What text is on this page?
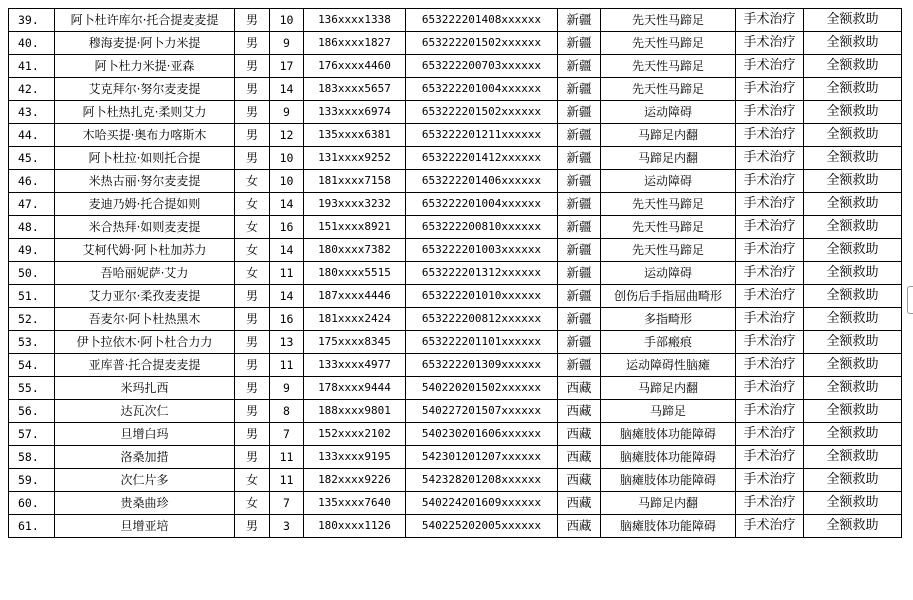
39.	阿卜杜许库尔·托合提麦麦提	男	10	136xxxx1338	653222201408xxxxxx	新疆	先天性马蹄足	手术治疗	全额救助
40.	穆海麦提·阿卜力米提	男	9	186xxxx1827	653222201502xxxxxx	新疆	先天性马蹄足	手术治疗	全额救助
41.	阿卜杜力米提·亚森	男	17	176xxxx4460	653222200703xxxxxx	新疆	先天性马蹄足	手术治疗	全额救助
42.	艾克拜尔·努尔麦麦提	男	14	183xxxx5657	653222201004xxxxxx	新疆	先天性马蹄足	手术治疗	全额救助
43.	阿卜杜热扎克·柔则艾力	男	9	133xxxx6974	653222201502xxxxxx	新疆	运动障碍	手术治疗	全额救助
44.	木哈买提·奥布力喀斯木	男	12	135xxxx6381	653222201211xxxxxx	新疆	马蹄足内翻	手术治疗	全额救助
45.	阿卜杜拉·如则托合提	男	10	131xxxx9252	653222201412xxxxxx	新疆	马蹄足内翻	手术治疗	全额救助
46.	米热古丽·努尔麦麦提	女	10	181xxxx7158	653222201406xxxxxx	新疆	运动障碍	手术治疗	全额救助
47.	麦迪乃姆·托合提如则	女	14	193xxxx3232	653222201004xxxxxx	新疆	先天性马蹄足	手术治疗	全额救助
48.	米合热拜·如则麦麦提	女	16	151xxxx8921	653222200810xxxxxx	新疆	先天性马蹄足	手术治疗	全额救助
49.	艾柯代姆·阿卜杜加苏力	女	14	180xxxx7382	653222201003xxxxxx	新疆	先天性马蹄足	手术治疗	全额救助
50.	吾哈丽妮萨·艾力	女	11	180xxxx5515	653222201312xxxxxx	新疆	运动障碍	手术治疗	全额救助
51.	艾力亚尔·柔孜麦麦提	男	14	187xxxx4446	653222201010xxxxxx	新疆	创伤后手指屈曲畸形	手术治疗	全额救助
52.	吾麦尔·阿卜杜热黑木	男	16	181xxxx2424	653222200812xxxxxx	新疆	多指畸形	手术治疗	全额救助
53.	伊卜拉依木·阿卜杜合力力	男	13	175xxxx8345	653222201101xxxxxx	新疆	手部瘢痕	手术治疗	全额救助
54.	亚库普·托合提麦麦提	男	11	133xxxx4977	653222201309xxxxxx	新疆	运动障碍性脑瘫	手术治疗	全额救助
55.	米玛扎西	男	9	178xxxx9444	540220201502xxxxxx	西藏	马蹄足内翻	手术治疗	全额救助
56.	达瓦次仁	男	8	188xxxx9801	540227201507xxxxxx	西藏	马蹄足	手术治疗	全额救助
57.	旦增白玛	男	7	152xxxx2102	540230201606xxxxxx	西藏	脑瘫肢体功能障碍	手术治疗	全额救助
58.	洛桑加措	男	11	133xxxx9195	542301201207xxxxxx	西藏	脑瘫肢体功能障碍	手术治疗	全额救助
59.	次仁片多	女	11	182xxxx9226	542328201208xxxxxx	西藏	脑瘫肢体功能障碍	手术治疗	全额救助
60.	贵桑曲珍	女	7	135xxxx7640	540224201609xxxxxx	西藏	马蹄足内翻	手术治疗	全额救助
61.	旦增亚培	男	3	180xxxx1126	540225202005xxxxxx	西藏	脑瘫肢体功能障碍	手术治疗	全额救助
